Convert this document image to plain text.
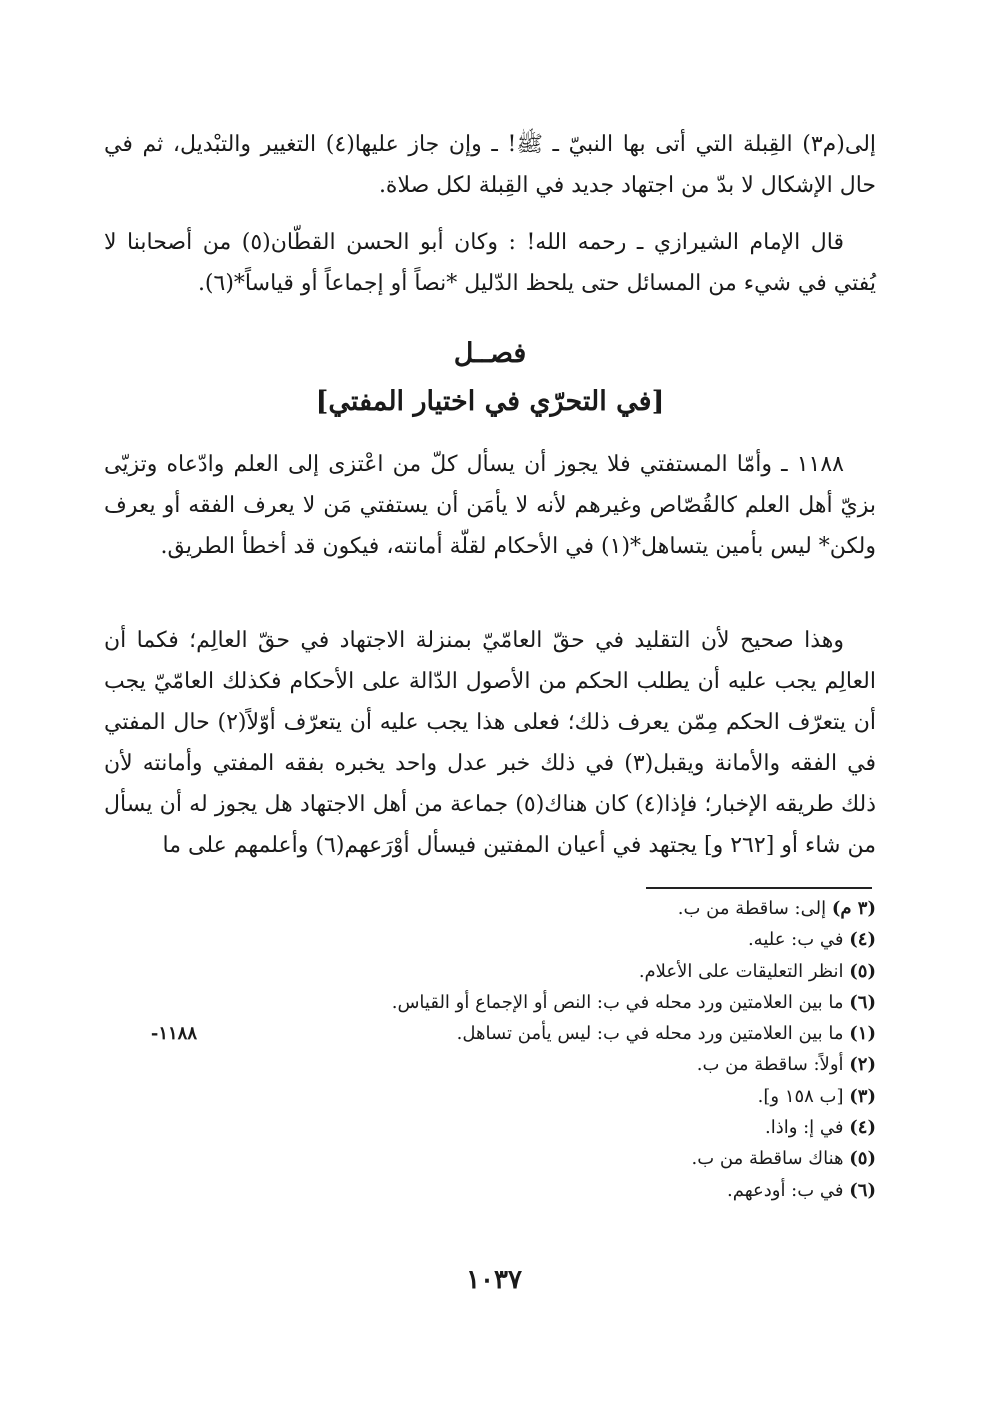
إلى(م٣) القِبلة التي أتى بها النبيّ ـ ﷺ! ـ وإن جاز عليها(٤) التغيير والتبْديل، ثم في حال الإشكال لا بدّ من اجتهاد جديد في القِبلة لكل صلاة.

قال الإمام الشيرازي ـ رحمه الله! : وكان أبو الحسن القطّان(٥) من أصحابنا لا يُفتي في شيء من المسائل حتى يلحظ الدّليل *نصاً أو إجماعاً أو قياساً*(٦).

فصــل
[في التحرّي في اختيار المفتي]

١١٨٨ ـ وأمّا المستفتي فلا يجوز أن يسأل كلّ من اعْتزى إلى العلم وادّعاه وتزيّى بزيّ أهل العلم كالقُصّاص وغيرهم لأنه لا يأمَن أن يستفتي مَن لا يعرف الفقه أو يعرف ولكن* ليس بأمين يتساهل*(١) في الأحكام لقلّة أمانته، فيكون قد أخطأ الطريق.

وهذا صحيح لأن التقليد في حقّ العامّيّ بمنزلة الاجتهاد في حقّ العالِم؛ فكما أن العالِم يجب عليه أن يطلب الحكم من الأصول الدّالة على الأحكام فكذلك العامّيّ يجب أن يتعرّف الحكم مِمّن يعرف ذلك؛ فعلى هذا يجب عليه أن يتعرّف أوّلاً(٢) حال المفتي في الفقه والأمانة ويقبل(٣) في ذلك خبر عدل واحد يخبره بفقه المفتي وأمانته لأن ذلك طريقه الإخبار؛ فإذا(٤) كان هناك(٥) جماعة من أهل الاجتهاد هل يجوز له أن يسأل من شاء أو [٢٦٢ و] يجتهد في أعيان المفتين فيسأل أوْرَعهم(٦) وأعلمهم على ما

(٣ م) إلى: ساقطة من ب.

(٤) في ب: عليه.

(٥) انظر التعليقات على الأعلام.

(٦) ما بين العلامتين ورد محله في ب: النص أو الإجماع أو القياس.

١١٨٨-	(١) ما بين العلامتين ورد محله في ب: ليس يأمن تساهل.

(٢) أولاً: ساقطة من ب.

(٣) [ب ١٥٨ و].

(٤) في إ: واذا.

(٥) هناك ساقطة من ب.

(٦) في ب: أودعهم.

١٠٣٧
